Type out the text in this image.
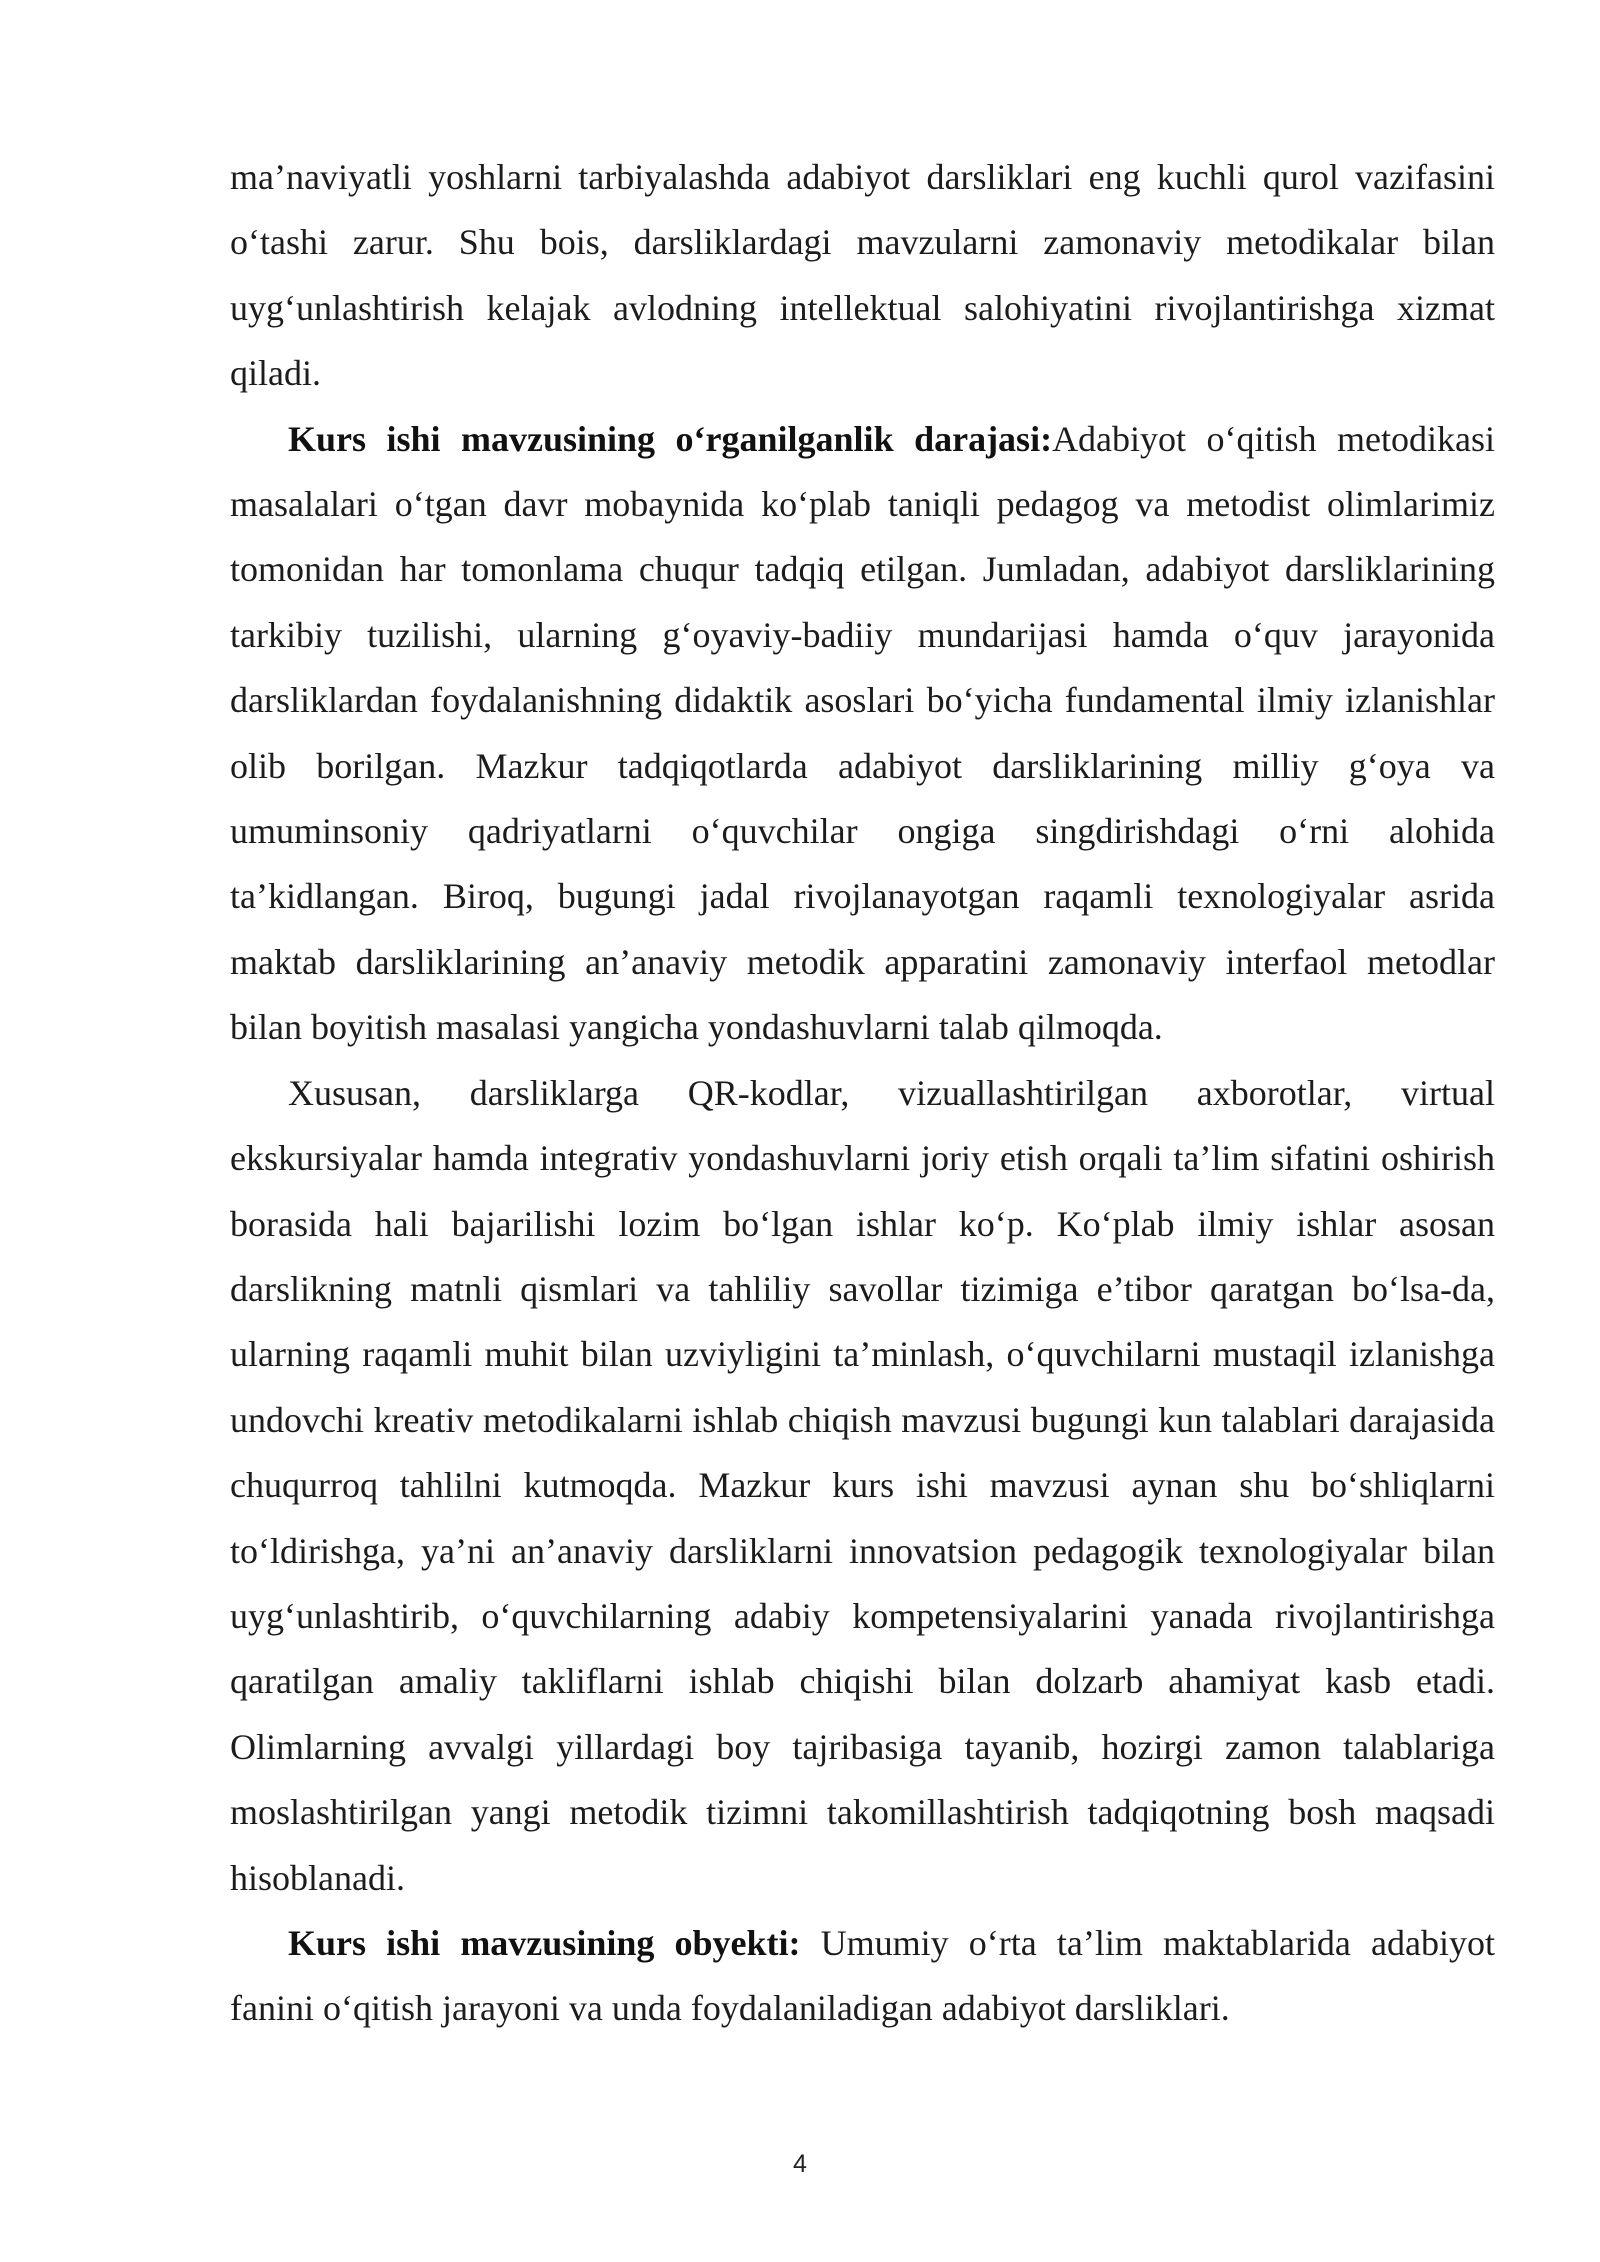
ma’naviyatli yoshlarni tarbiyalashda adabiyot darsliklari eng kuchli qurol vazifasini o‘tashi zarur. Shu bois, darsliklardagi mavzularni zamonaviy metodikalar bilan uyg‘unlashtirish kelajak avlodning intellektual salohiyatini rivojlantirishga xizmat qiladi.

Kurs ishi mavzusining o‘rganilganlik darajasi:Adabiyot o‘qitish metodikasi masalalari o‘tgan davr mobaynida ko‘plab taniqli pedagog va metodist olimlarimiz tomonidan har tomonlama chuqur tadqiq etilgan. Jumladan, adabiyot darsliklarining tarkibiy tuzilishi, ularning g‘oyaviy-badiiy mundarijasi hamda o‘quv jarayonida darsliklardan foydalanishning didaktik asoslari bo‘yicha fundamental ilmiy izlanishlar olib borilgan. Mazkur tadqiqotlarda adabiyot darsliklarining milliy g‘oya va umuminsoniy qadriyatlarni o‘quvchilar ongiga singdirishdagi o‘rni alohida ta’kidlangan. Biroq, bugungi jadal rivojlanayotgan raqamli texnologiyalar asrida maktab darsliklarining an’anaviy metodik apparatini zamonaviy interfaol metodlar bilan boyitish masalasi yangicha yondashuvlarni talab qilmoqda.

Xususan, darsliklarga QR-kodlar, vizuallashtirilgan axborotlar, virtual ekskursiyalar hamda integrativ yondashuvlarni joriy etish orqali ta’lim sifatini oshirish borasida hali bajarilishi lozim bo‘lgan ishlar ko‘p. Ko‘plab ilmiy ishlar asosan darslikning matnli qismlari va tahliliy savollar tizimiga e’tibor qaratgan bo‘lsa-da, ularning raqamli muhit bilan uzviyligini ta’minlash, o‘quvchilarni mustaqil izlanishga undovchi kreativ metodikalarni ishlab chiqish mavzusi bugungi kun talablari darajasida chuqurroq tahlilni kutmoqda. Mazkur kurs ishi mavzusi aynan shu bo‘shliqlarni to‘ldirishga, ya’ni an’anaviy darsliklarni innovatsion pedagogik texnologiyalar bilan uyg‘unlashtirib, o‘quvchilarning adabiy kompetensiyalarini yanada rivojlantirishga qaratilgan amaliy takliflarni ishlab chiqishi bilan dolzarb ahamiyat kasb etadi. Olimlarning avvalgi yillardagi boy tajribasiga tayanib, hozirgi zamon talablariga moslashtirilgan yangi metodik tizimni takomillashtirish tadqiqotning bosh maqsadi hisoblanadi.

Kurs ishi mavzusining obyekti: Umumiy o‘rta ta’lim maktablarida adabiyot fanini o‘qitish jarayoni va unda foydalaniladigan adabiyot darsliklari.

4
